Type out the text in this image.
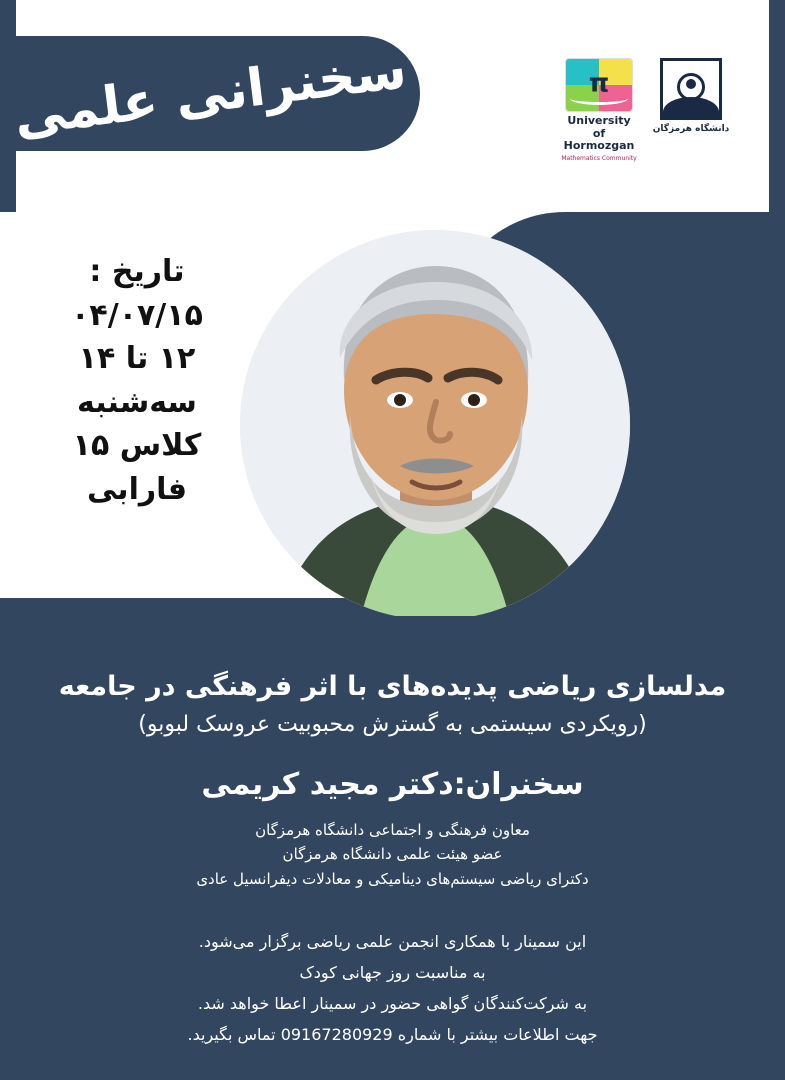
سخنرانی علمی	دانشگاه هرمزگان
π
University of Hormozgan
Mathematics Community
تاریخ :
۰۴/۰۷/۱۵
۱۲ تا ۱۴
سه‌شنبه
کلاس ۱۵
فارابی
مدلسازی ریاضی پدیده‌های با اثر فرهنگی در جامعه
(رویکردی سیستمی به گسترش محبوبیت عروسک لبوبو)
سخنران:دکتر مجید کریمی
معاون فرهنگی و اجتماعی دانشگاه هرمزگان
عضو هیئت علمی دانشگاه هرمزگان
دکترای ریاضی سیستم‌های دینامیکی و معادلات دیفرانسیل عادی
این سمینار با همکاری انجمن علمی ریاضی برگزار می‌شود.
به مناسبت روز جهانی کودک
به شرکت‌کنندگان گواهی حضور در سمینار اعطا خواهد شد.
جهت اطلاعات بیشتر با شماره 09167280929 تماس بگیرید.
